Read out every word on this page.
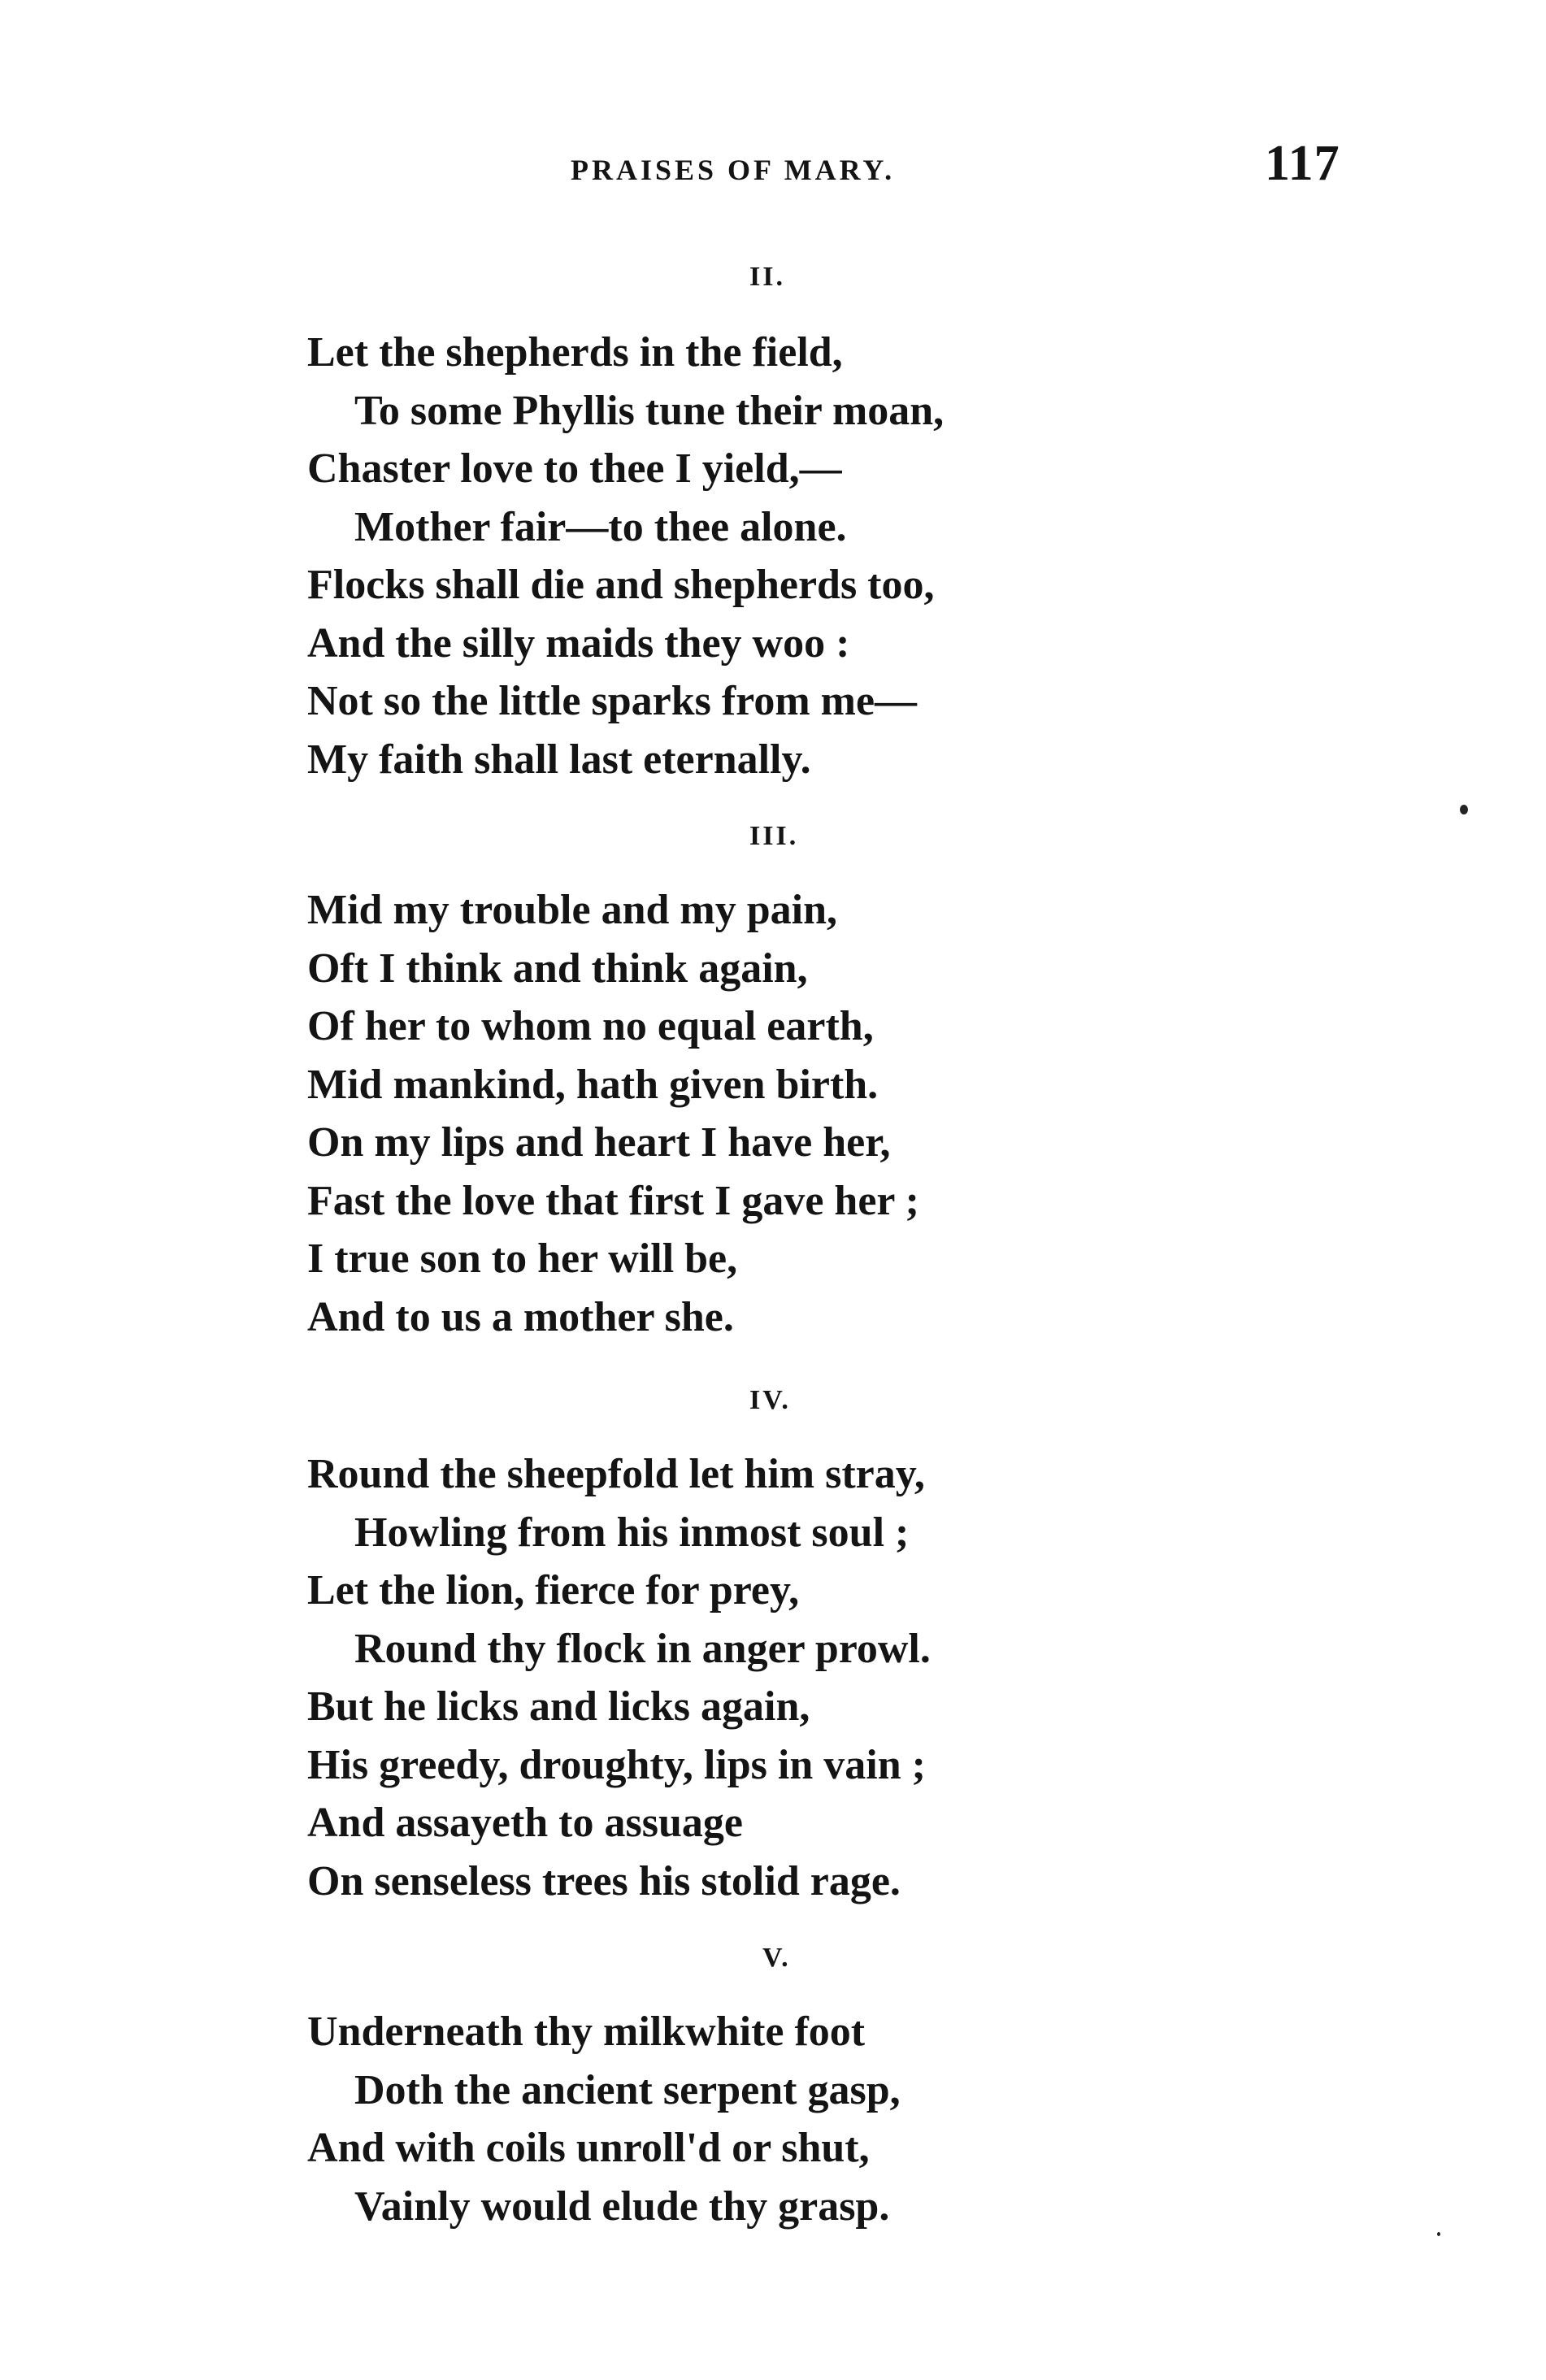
PRAISES OF MARY.	117
II.
Let the shepherds in the field,
To some Phyllis tune their moan,
Chaster love to thee I yield,—
Mother fair—to thee alone.
Flocks shall die and shepherds too,
And the silly maids they woo :
Not so the little sparks from me—
My faith shall last eternally.
III.
Mid my trouble and my pain,
Oft I think and think again,
Of her to whom no equal earth,
Mid mankind, hath given birth.
On my lips and heart I have her,
Fast the love that first I gave her ;
I true son to her will be,
And to us a mother she.
IV.
Round the sheepfold let him stray,
Howling from his inmost soul ;
Let the lion, fierce for prey,
Round thy flock in anger prowl.
But he licks and licks again,
His greedy, droughty, lips in vain ;
And assayeth to assuage
On senseless trees his stolid rage.
V.
Underneath thy milkwhite foot
Doth the ancient serpent gasp,
And with coils unroll'd or shut,
Vainly would elude thy grasp.
